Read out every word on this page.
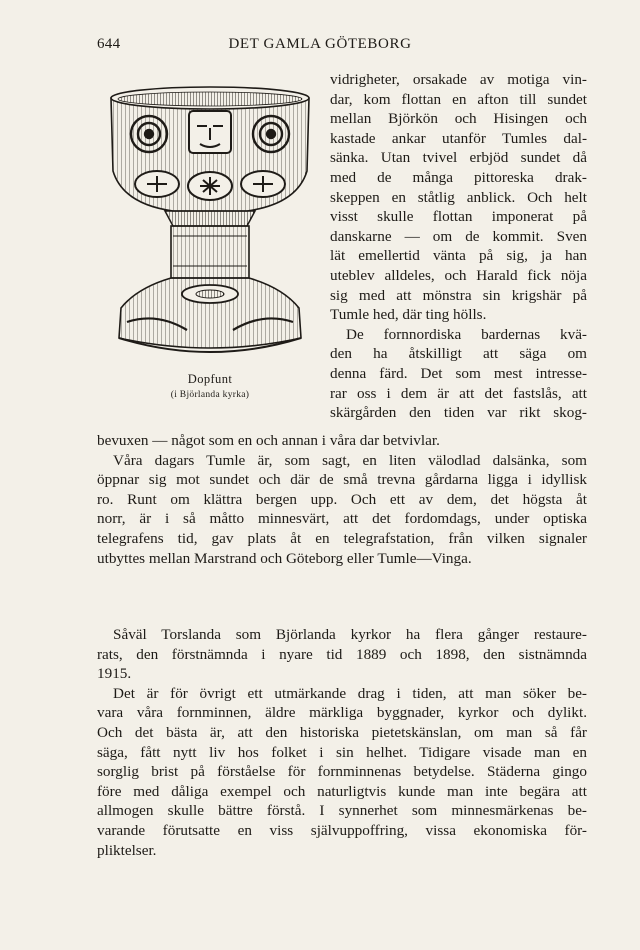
644	DET GAMLA GÖTEBORG
Dopfunt
(i Björlanda kyrka)
vidrigheter, orsakade av motiga vin-
dar, kom flottan en afton till sundet
mellan Björkön och Hisingen och
kastade ankar utanför Tumles dal-
sänka. Utan tvivel erbjöd sundet då
med de många pittoreska drak-
skeppen en ståtlig anblick. Och helt
visst skulle flottan imponerat på
danskarne — om de kommit. Sven
lät emellertid vänta på sig, ja han
uteblev alldeles, och Harald fick nöja
sig med att mönstra sin krigshär på
Tumle hed, där ting hölls.
De fornnordiska bardernas kvä-
den ha åtskilligt att säga om
denna färd. Det som mest intresse-
rar oss i dem är att det fastslås, att
skärgården den tiden var rikt skog-
bevuxen — något som en och annan i våra dar betvivlar.
Våra dagars Tumle är, som sagt, en liten välodlad dalsänka, som
öppnar sig mot sundet och där de små trevna gårdarna ligga i idyllisk
ro. Runt om klättra bergen upp. Och ett av dem, det högsta åt
norr, är i så måtto minnesvärt, att det fordomdags, under optiska
telegrafens tid, gav plats åt en telegrafstation, från vilken signaler
utbyttes mellan Marstrand och Göteborg eller Tumle—Vinga.
Såväl Torslanda som Björlanda kyrkor ha flera gånger restaure-
rats, den förstnämnda i nyare tid 1889 och 1898, den sistnämnda
1915.
Det är för övrigt ett utmärkande drag i tiden, att man söker be-
vara våra fornminnen, äldre märkliga byggnader, kyrkor och dylikt.
Och det bästa är, att den historiska pietetskänslan, om man så får
säga, fått nytt liv hos folket i sin helhet. Tidigare visade man en
sorglig brist på förståelse för fornminnenas betydelse. Städerna gingo
före med dåliga exempel och naturligtvis kunde man inte begära att
allmogen skulle bättre förstå. I synnerhet som minnesmärkenas be-
varande förutsatte en viss självuppoffring, vissa ekonomiska för-
pliktelser.
